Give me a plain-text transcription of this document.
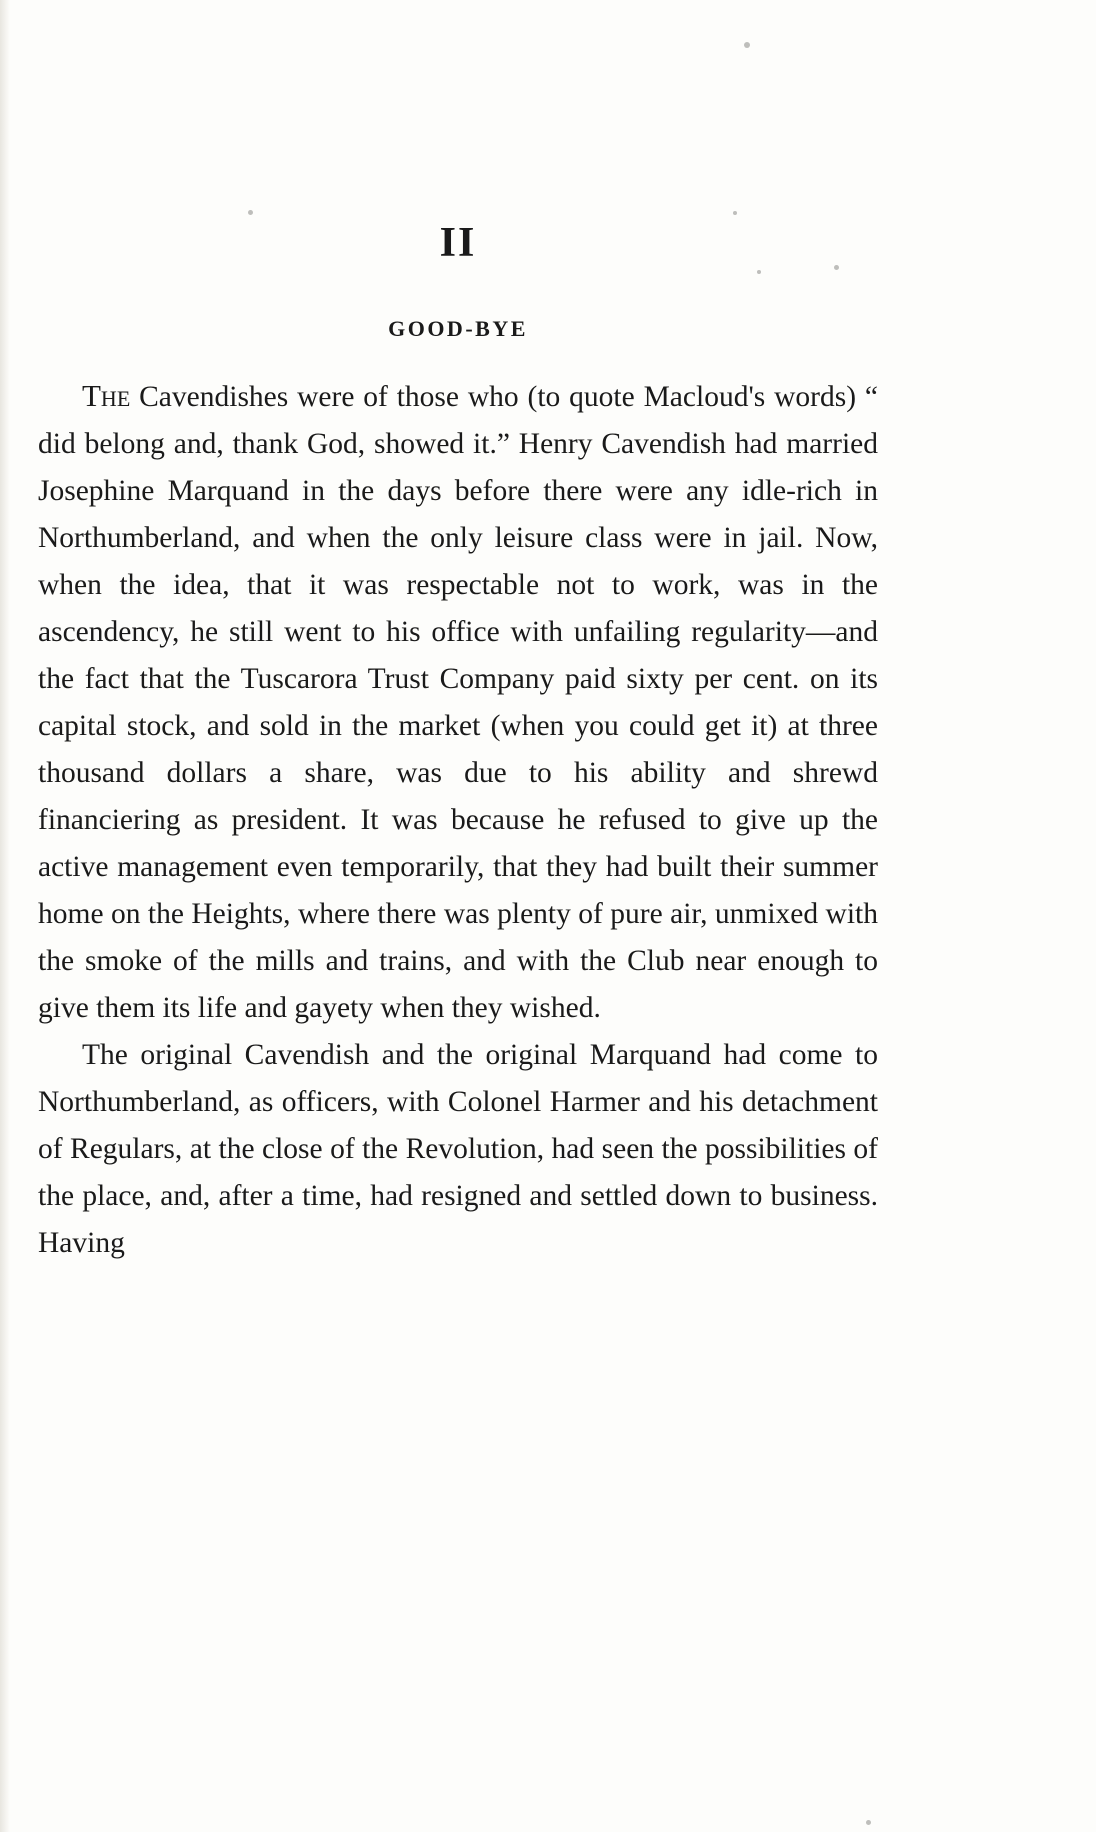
II
GOOD-BYE

The Cavendishes were of those who (to quote Macloud's words) “ did belong and, thank God, showed it.” Henry Cavendish had married Josephine Marquand in the days before there were any idle-rich in Northumberland, and when the only leisure class were in jail. Now, when the idea, that it was respectable not to work, was in the ascendency, he still went to his office with unfailing regularity—and the fact that the Tuscarora Trust Company paid sixty per cent. on its capital stock, and sold in the market (when you could get it) at three thousand dollars a share, was due to his ability and shrewd financiering as president. It was because he refused to give up the active management even temporarily, that they had built their summer home on the Heights, where there was plenty of pure air, unmixed with the smoke of the mills and trains, and with the Club near enough to give them its life and gayety when they wished.

The original Cavendish and the original Marquand had come to Northumberland, as officers, with Colonel Harmer and his detachment of Regulars, at the close of the Revolution, had seen the possibilities of the place, and, after a time, had resigned and settled down to business. Having
